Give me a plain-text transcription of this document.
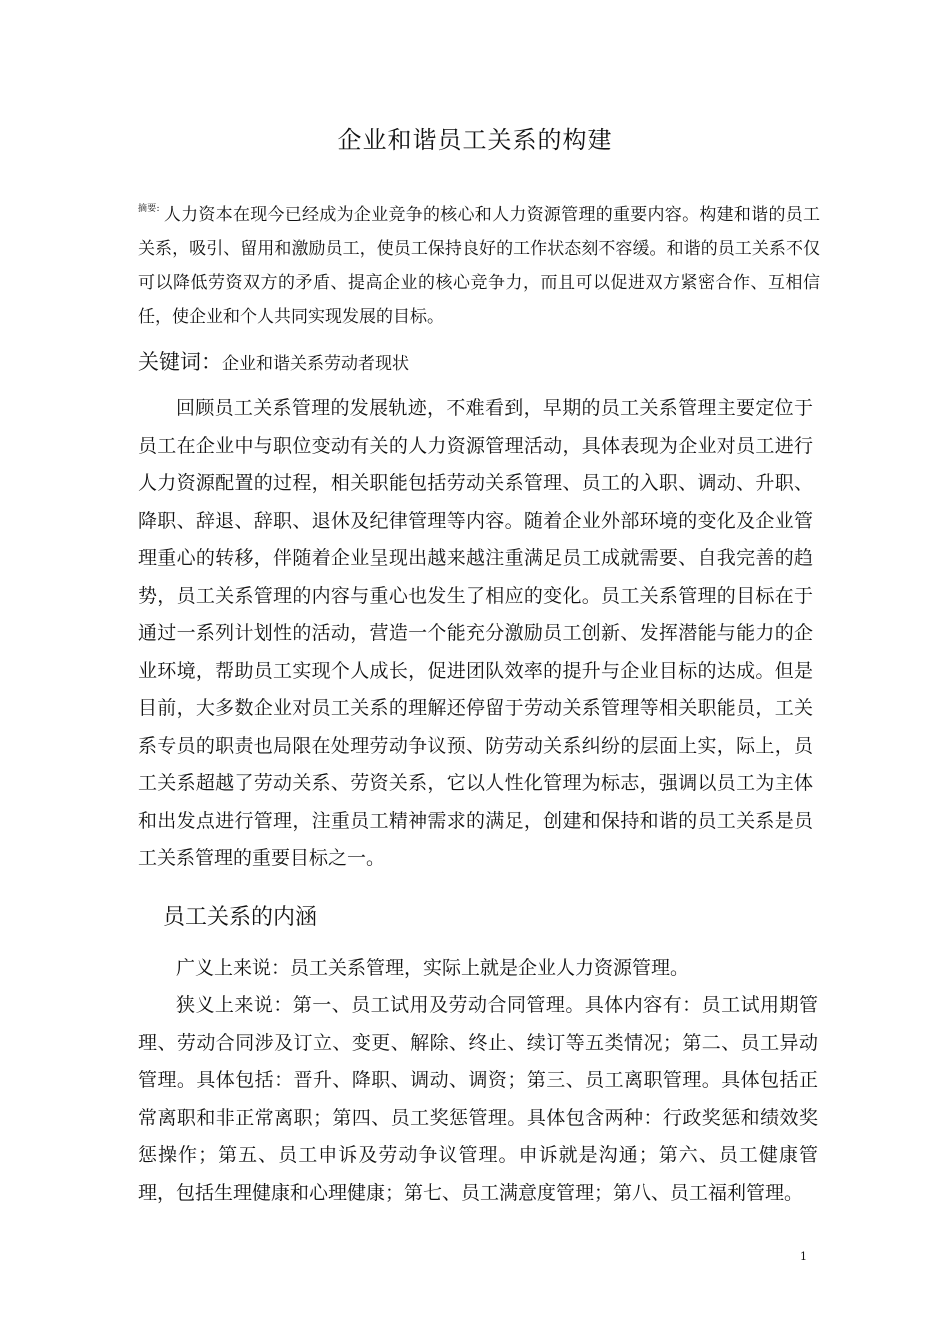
企业和谐员工关系的构建
$^{摘要:}$ 人力资本在现今已经成为企业竞争的核心和人力资源管理的重要内容。构建和谐的员工关系，吸引、留用和激励员工，使员工保持良好的工作状态刻不容缓。和谐的员工关系不仅可以降低劳资双方的矛盾、提高企业的核心竞争力，而且可以促进双方紧密合作、互相信任，使企业和个人共同实现发展的目标。
关键词：企业和谐关系劳动者现状
回顾员工关系管理的发展轨迹，不难看到，早期的员工关系管理主要定位于员工在企业中与职位变动有关的人力资源管理活动，具体表现为企业对员工进行人力资源配置的过程，相关职能包括劳动关系管理、员工的入职、调动、升职、降职、辞退、辞职、退休及纪律管理等内容。随着企业外部环境的变化及企业管理重心的转移，伴随着企业呈现出越来越注重满足员工成就需要、自我完善的趋势，员工关系管理的内容与重心也发生了相应的变化。员工关系管理的目标在于通过一系列计划性的活动，营造一个能充分激励员工创新、发挥潜能与能力的企业环境，帮助员工实现个人成长，促进团队效率的提升与企业目标的达成。但是目前，大多数企业对员工关系的理解还停留于劳动关系管理等相关职能员，工关系专员的职责也局限在处理劳动争议预、防劳动关系纠纷的层面上实，际上，员工关系超越了劳动关系、劳资关系，它以人性化管理为标志，强调以员工为主体和出发点进行管理，注重员工精神需求的满足，创建和保持和谐的员工关系是员工关系管理的重要目标之一。
员工关系的内涵
广义上来说：员工关系管理，实际上就是企业人力资源管理。
狭义上来说：第一、员工试用及劳动合同管理。具体内容有：员工试用期管理、劳动合同涉及订立、变更、解除、终止、续订等五类情况；第二、员工异动管理。具体包括：晋升、降职、调动、调资；第三、员工离职管理。具体包括正常离职和非正常离职；第四、员工奖惩管理。具体包含两种：行政奖惩和绩效奖惩操作；第五、员工申诉及劳动争议管理。申诉就是沟通；第六、员工健康管理，包括生理健康和心理健康；第七、员工满意度管理；第八、员工福利管理。
1
